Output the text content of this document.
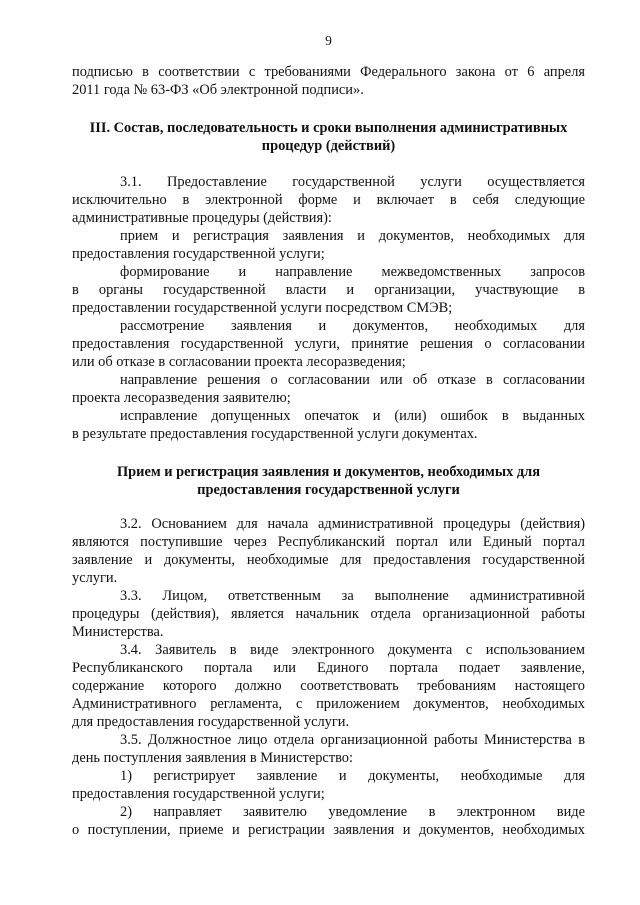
9
подписью в соответствии с требованиями Федерального закона от 6 апреля
2011 года № 63-ФЗ «Об электронной подписи».
III. Состав, последовательность и сроки выполнения административных
процедур (действий)
3.1. Предоставление государственной услуги осуществляется
исключительно в электронной форме и включает в себя следующие
административные процедуры (действия):
прием и регистрация заявления и документов, необходимых для
предоставления государственной услуги;
формирование и направление межведомственных запросов
в органы государственной власти и организации, участвующие в
предоставлении государственной услуги посредством СМЭВ;
рассмотрение заявления и документов, необходимых для
предоставления государственной услуги, принятие решения о согласовании
или об отказе в согласовании проекта лесоразведения;
направление решения о согласовании или об отказе в согласовании
проекта лесоразведения заявителю;
исправление допущенных опечаток и (или) ошибок в выданных
в результате предоставления государственной услуги документах.
Прием и регистрация заявления и документов, необходимых для
предоставления государственной услуги
3.2. Основанием для начала административной процедуры (действия)
являются поступившие через Республиканский портал или Единый портал
заявление и документы, необходимые для предоставления государственной
услуги.
3.3. Лицом, ответственным за выполнение административной
процедуры (действия), является начальник отдела организационной работы
Министерства.
3.4. Заявитель в виде электронного документа с использованием
Республиканского портала или Единого портала подает заявление,
содержание которого должно соответствовать требованиям настоящего
Административного регламента, с приложением документов, необходимых
для предоставления государственной услуги.
3.5. Должностное лицо отдела организационной работы Министерства в
день поступления заявления в Министерство:
1) регистрирует заявление и документы, необходимые для
предоставления государственной услуги;
2) направляет заявителю уведомление в электронном виде
о поступлении, приеме и регистрации заявления и документов, необходимых
